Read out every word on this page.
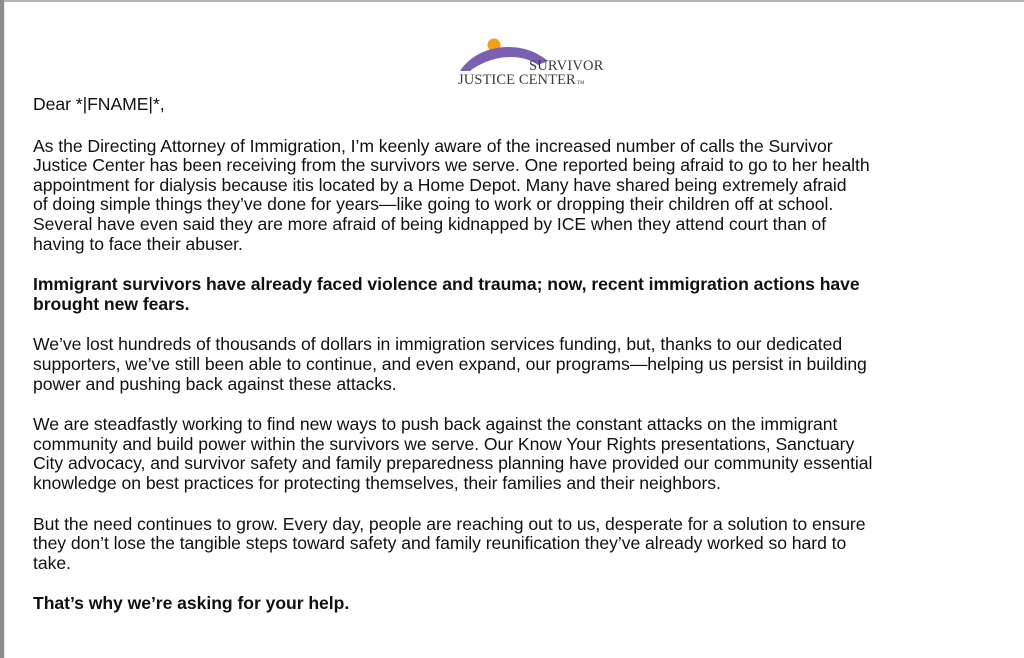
SURVIVOR
JUSTICE CENTERTM

Dear *|FNAME|*,

As the Directing Attorney of Immigration, I’m keenly aware of the increased number of calls the Survivor
Justice Center has been receiving from the survivors we serve. One reported being afraid to go to her health
appointment for dialysis because itis located by a Home Depot. Many have shared being extremely afraid
of doing simple things they’ve done for years—like going to work or dropping their children off at school.
Several have even said they are more afraid of being kidnapped by ICE when they attend court than of
having to face their abuser.

Immigrant survivors have already faced violence and trauma; now, recent immigration actions have
brought new fears.

We’ve lost hundreds of thousands of dollars in immigration services funding, but, thanks to our dedicated
supporters, we’ve still been able to continue, and even expand, our programs—helping us persist in building
power and pushing back against these attacks.

We are steadfastly working to find new ways to push back against the constant attacks on the immigrant
community and build power within the survivors we serve. Our Know Your Rights presentations, Sanctuary
City advocacy, and survivor safety and family preparedness planning have provided our community essential
knowledge on best practices for protecting themselves, their families and their neighbors.

But the need continues to grow. Every day, people are reaching out to us, desperate for a solution to ensure
they don’t lose the tangible steps toward safety and family reunification they’ve already worked so hard to
take.

That’s why we’re asking for your help.
